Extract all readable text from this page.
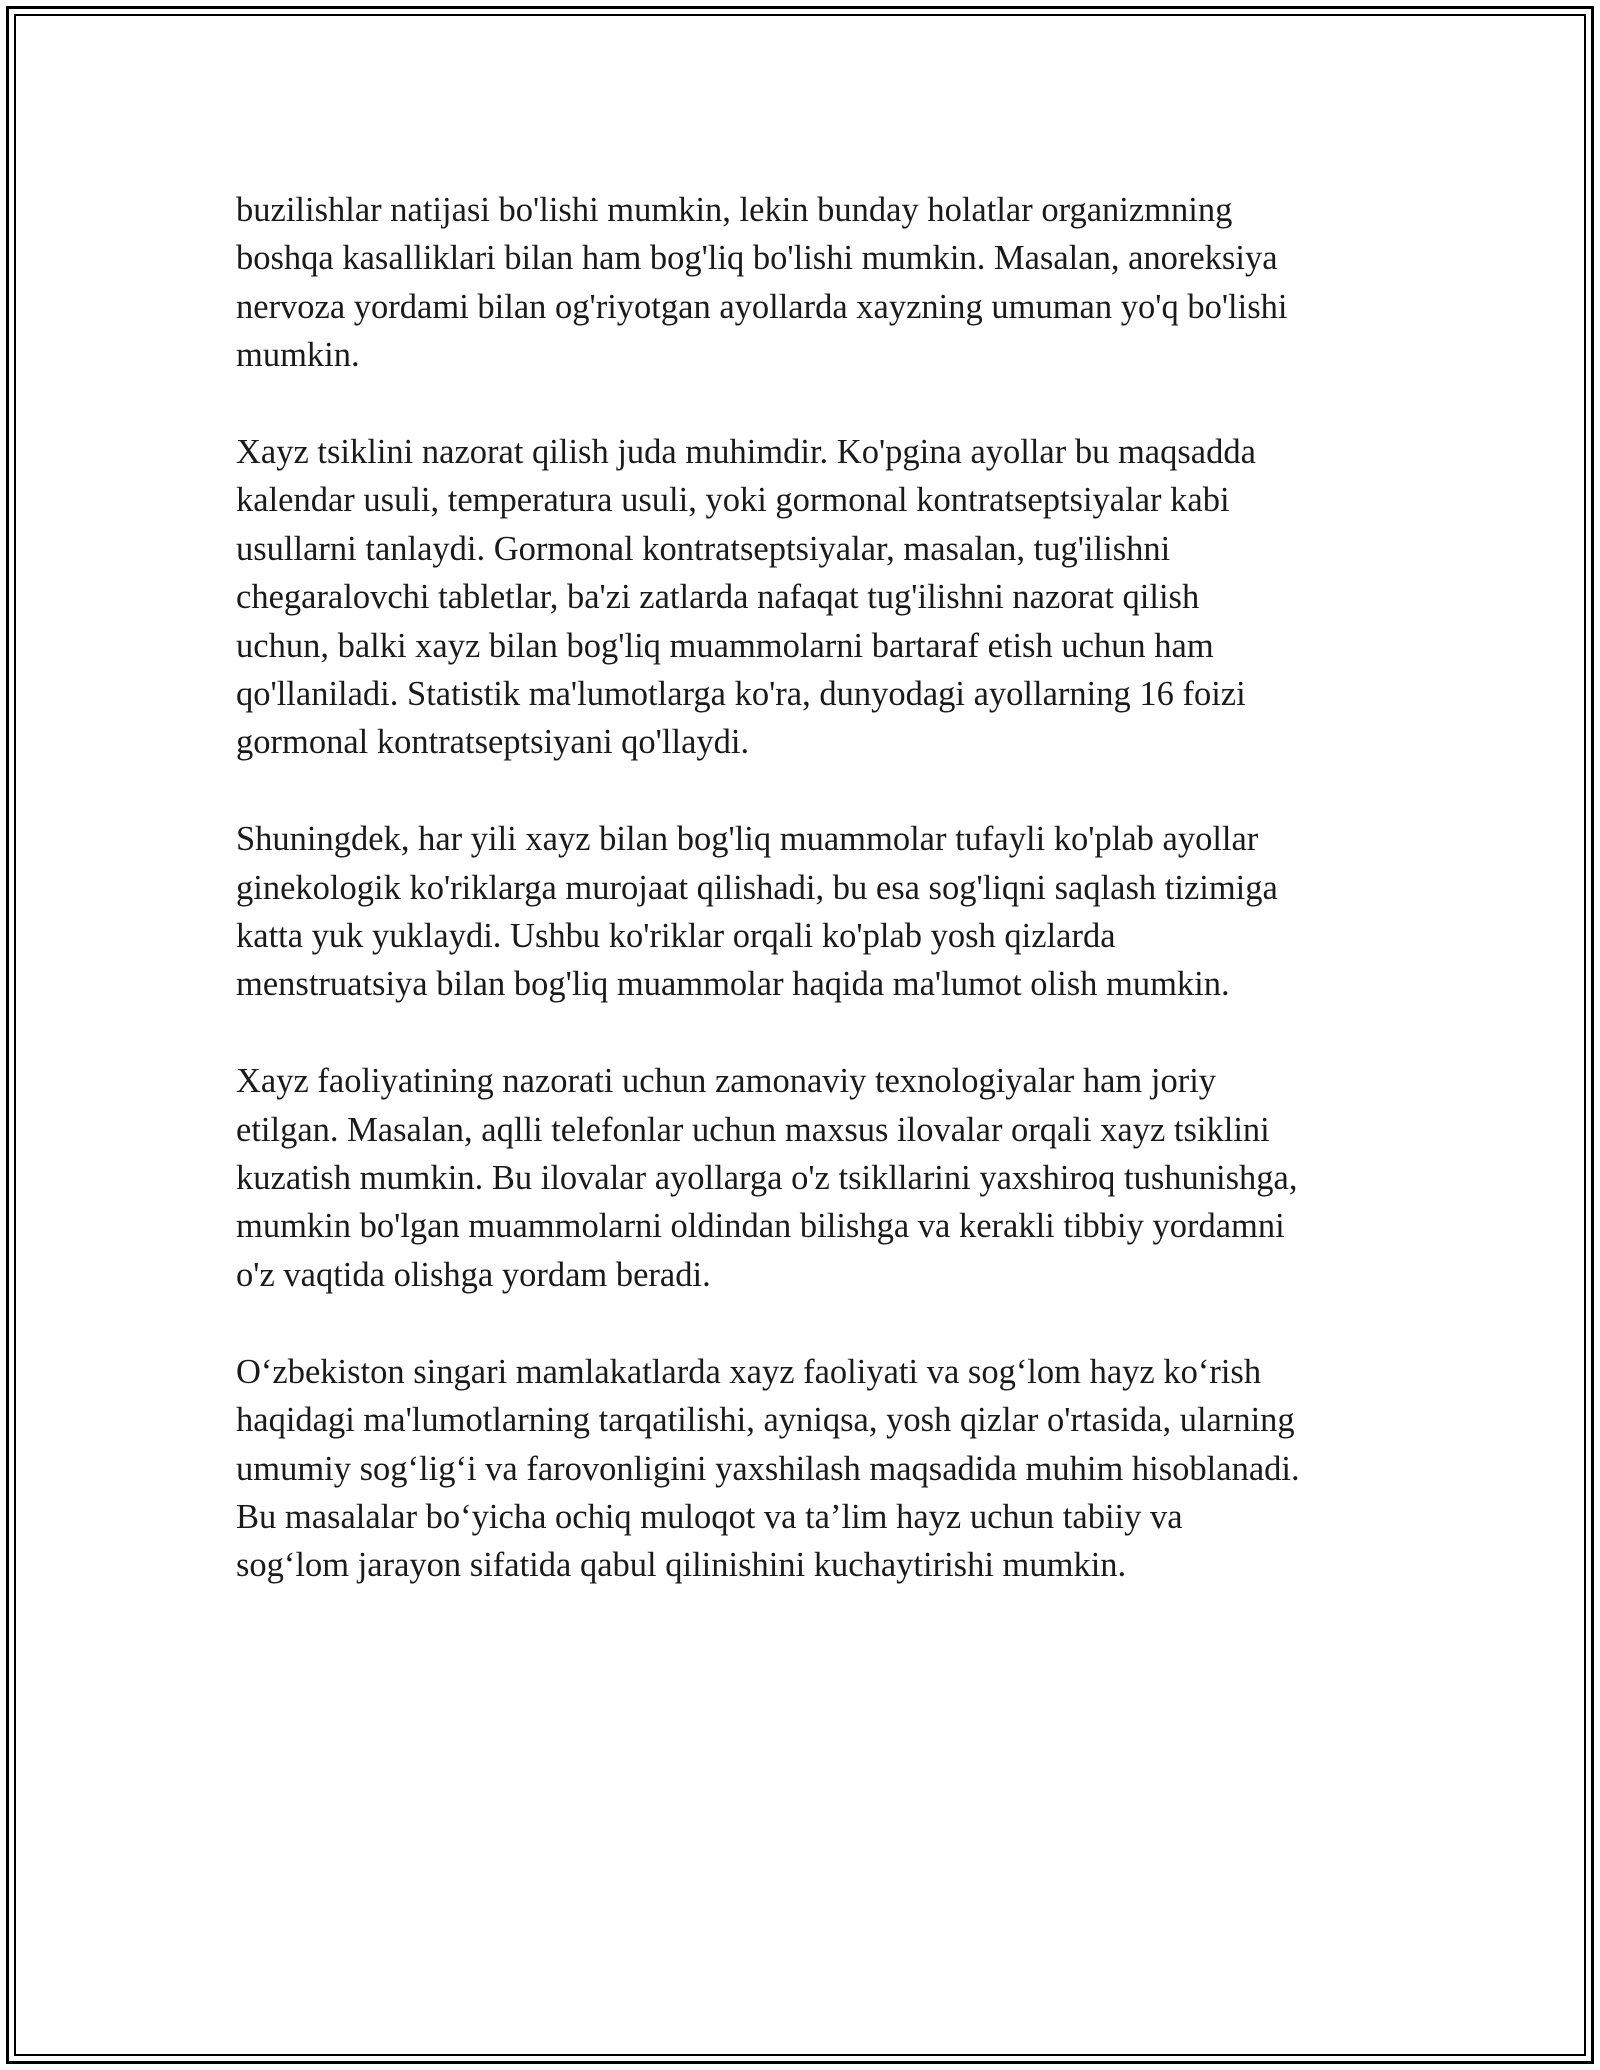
buzilishlar natijasi bo'lishi mumkin, lekin bunday holatlar organizmning
boshqa kasalliklari bilan ham bog'liq bo'lishi mumkin. Masalan, anoreksiya
nervoza yordami bilan og'riyotgan ayollarda xayzning umuman yo'q bo'lishi
mumkin.

Xayz tsiklini nazorat qilish juda muhimdir. Ko'pgina ayollar bu maqsadda
kalendar usuli, temperatura usuli, yoki gormonal kontratseptsiyalar kabi
usullarni tanlaydi. Gormonal kontratseptsiyalar, masalan, tug'ilishni
chegaralovchi tabletlar, ba'zi zatlarda nafaqat tug'ilishni nazorat qilish
uchun, balki xayz bilan bog'liq muammolarni bartaraf etish uchun ham
qo'llaniladi. Statistik ma'lumotlarga ko'ra, dunyodagi ayollarning 16 foizi
gormonal kontratseptsiyani qo'llaydi.

Shuningdek, har yili xayz bilan bog'liq muammolar tufayli ko'plab ayollar
ginekologik ko'riklarga murojaat qilishadi, bu esa sog'liqni saqlash tizimiga
katta yuk yuklaydi. Ushbu ko'riklar orqali ko'plab yosh qizlarda
menstruatsiya bilan bog'liq muammolar haqida ma'lumot olish mumkin.

Xayz faoliyatining nazorati uchun zamonaviy texnologiyalar ham joriy
etilgan. Masalan, aqlli telefonlar uchun maxsus ilovalar orqali xayz tsiklini
kuzatish mumkin. Bu ilovalar ayollarga o'z tsikllarini yaxshiroq tushunishga,
mumkin bo'lgan muammolarni oldindan bilishga va kerakli tibbiy yordamni
o'z vaqtida olishga yordam beradi.

O‘zbekiston singari mamlakatlarda xayz faoliyati va sog‘lom hayz ko‘rish
haqidagi ma'lumotlarning tarqatilishi, ayniqsa, yosh qizlar o'rtasida, ularning
umumiy sog‘lig‘i va farovonligini yaxshilash maqsadida muhim hisoblanadi.
Bu masalalar bo‘yicha ochiq muloqot va ta’lim hayz uchun tabiiy va
sog‘lom jarayon sifatida qabul qilinishini kuchaytirishi mumkin.
